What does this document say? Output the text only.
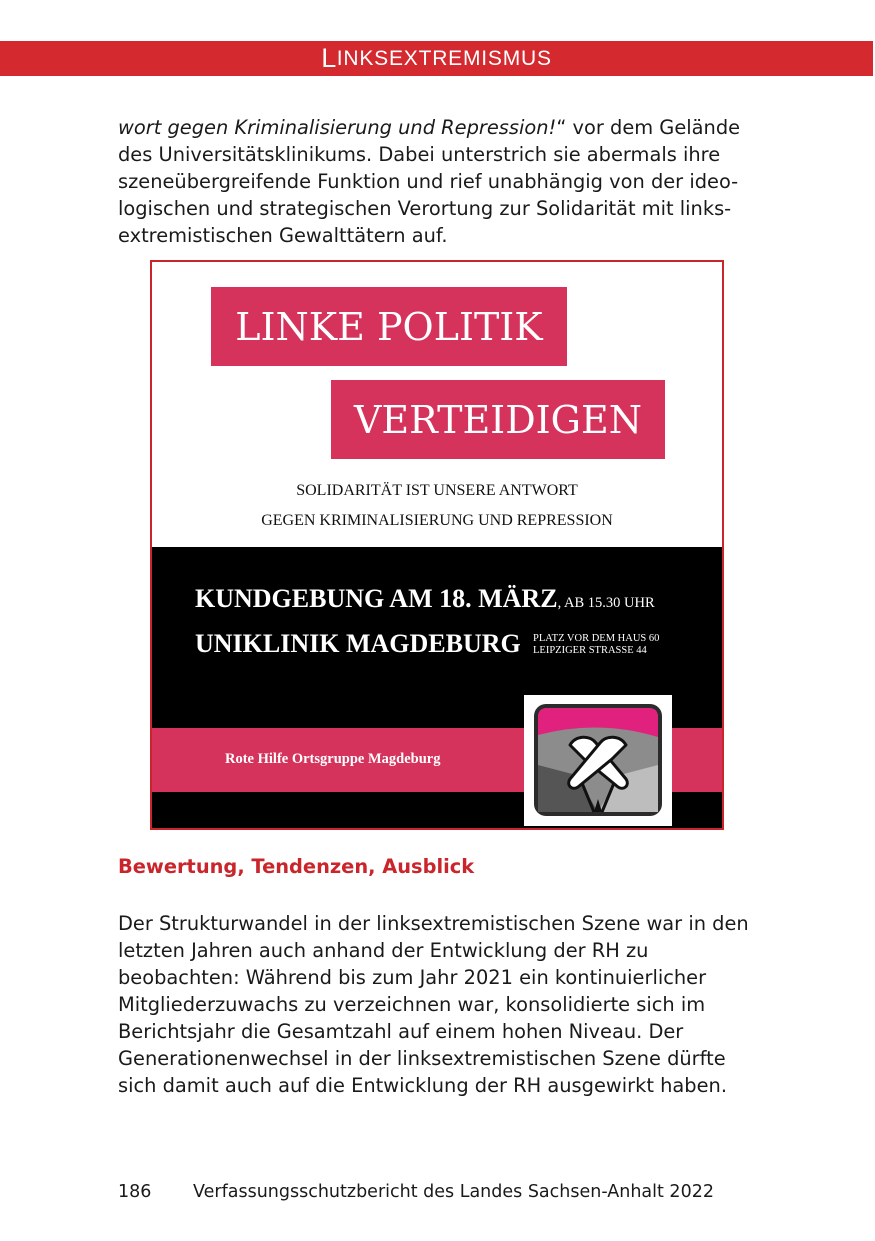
L INKSEXTREMISMUS

wort gegen Kriminalisierung und Repression!“ vor dem Gelände des Universitätsklinikums. Dabei unterstrich sie abermals ihre szeneübergreifende Funktion und rief unabhängig von der ideo-logischen und strategischen Verortung zur Solidarität mit links-extremistischen Gewalttätern auf.

LINKE POLITIK
VERTEIDIGEN
SOLIDARITÄT IST UNSERE ANTWORT
GEGEN KRIMINALISIERUNG UND REPRESSION
KUNDGEBUNG AM 18. MÄRZ, AB 15.30 UHR
UNIKLINIK MAGDEBURG PLATZ VOR DEM HAUS 60
LEIPZIGER STRASSE 44
Rote Hilfe Ortsgruppe Magdeburg
Bewertung, Tendenzen, Ausblick

Der Strukturwandel in der linksextremistischen Szene war in den letzten Jahren auch anhand der Entwicklung der RH zu beobachten: Während bis zum Jahr 2021 ein kontinuierlicher Mitgliederzuwachs zu verzeichnen war, konsolidierte sich im Berichtsjahr die Gesamtzahl auf einem hohen Niveau. Der Generationenwechsel in der linksextremistischen Szene dürfte sich damit auch auf die Entwicklung der RH ausgewirkt haben.

186 Verfassungsschutzbericht des Landes Sachsen-Anhalt 2022
